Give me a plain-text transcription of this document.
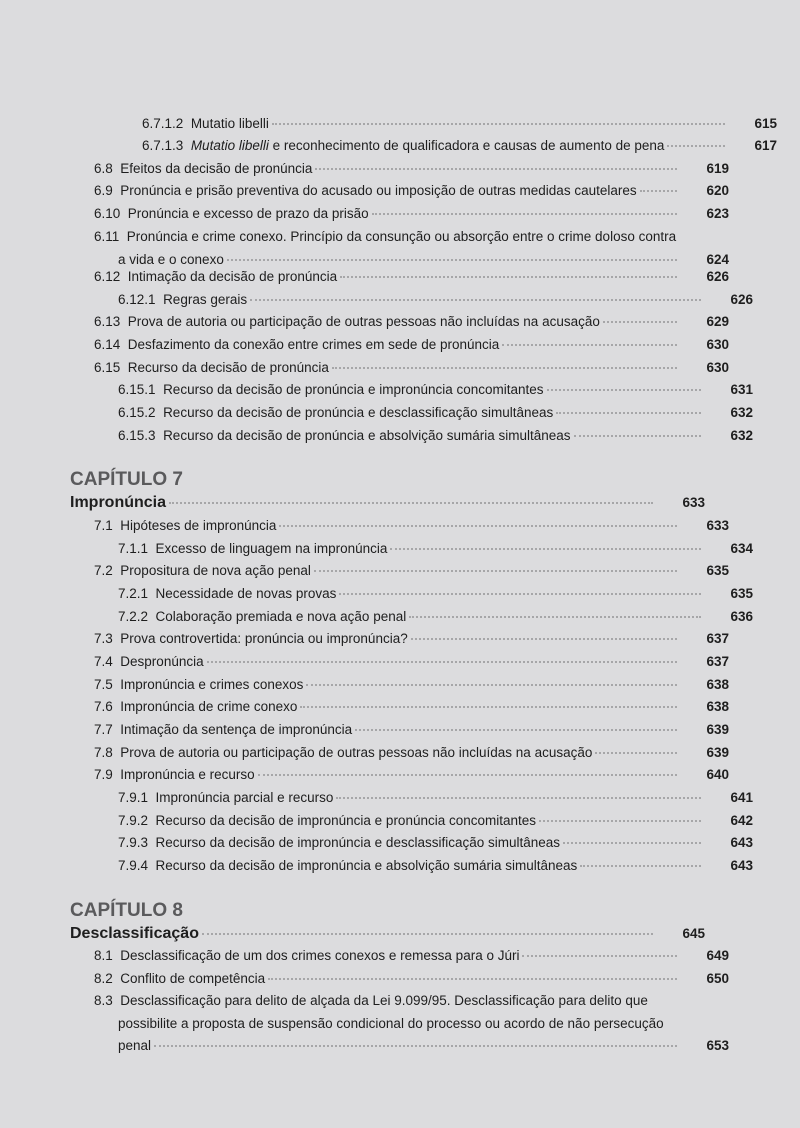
6.7.1.2 Mutatio libelli	615
6.7.1.3 Mutatio libelli e reconhecimento de qualificadora e causas de aumento de pena	617
6.8 Efeitos da decisão de pronúncia	619
6.9 Pronúncia e prisão preventiva do acusado ou imposição de outras medidas cautelares	620
6.10 Pronúncia e excesso de prazo da prisão	623
6.11 Pronúncia e crime conexo. Princípio da consunção ou absorção entre o crime doloso contra
a vida e o conexo	624
6.12 Intimação da decisão de pronúncia	626
6.12.1 Regras gerais	626
6.13 Prova de autoria ou participação de outras pessoas não incluídas na acusação	629
6.14 Desfazimento da conexão entre crimes em sede de pronúncia	630
6.15 Recurso da decisão de pronúncia	630
6.15.1 Recurso da decisão de pronúncia e impronúncia concomitantes	631
6.15.2 Recurso da decisão de pronúncia e desclassificação simultâneas	632
6.15.3 Recurso da decisão de pronúncia e absolvição sumária simultâneas	632
CAPÍTULO 7
Impronúncia	633
7.1 Hipóteses de impronúncia	633
7.1.1 Excesso de linguagem na impronúncia	634
7.2 Propositura de nova ação penal	635
7.2.1 Necessidade de novas provas	635
7.2.2 Colaboração premiada e nova ação penal	636
7.3 Prova controvertida: pronúncia ou impronúncia?	637
7.4 Despronúncia	637
7.5 Impronúncia e crimes conexos	638
7.6 Impronúncia de crime conexo	638
7.7 Intimação da sentença de impronúncia	639
7.8 Prova de autoria ou participação de outras pessoas não incluídas na acusação	639
7.9 Impronúncia e recurso	640
7.9.1 Impronúncia parcial e recurso	641
7.9.2 Recurso da decisão de impronúncia e pronúncia concomitantes	642
7.9.3 Recurso da decisão de impronúncia e desclassificação simultâneas	643
7.9.4 Recurso da decisão de impronúncia e absolvição sumária simultâneas	643
CAPÍTULO 8
Desclassificação	645
8.1 Desclassificação de um dos crimes conexos e remessa para o Júri	649
8.2 Conflito de competência	650
8.3 Desclassificação para delito de alçada da Lei 9.099/95. Desclassificação para delito que
possibilite a proposta de suspensão condicional do processo ou acordo de não persecução
penal	653
